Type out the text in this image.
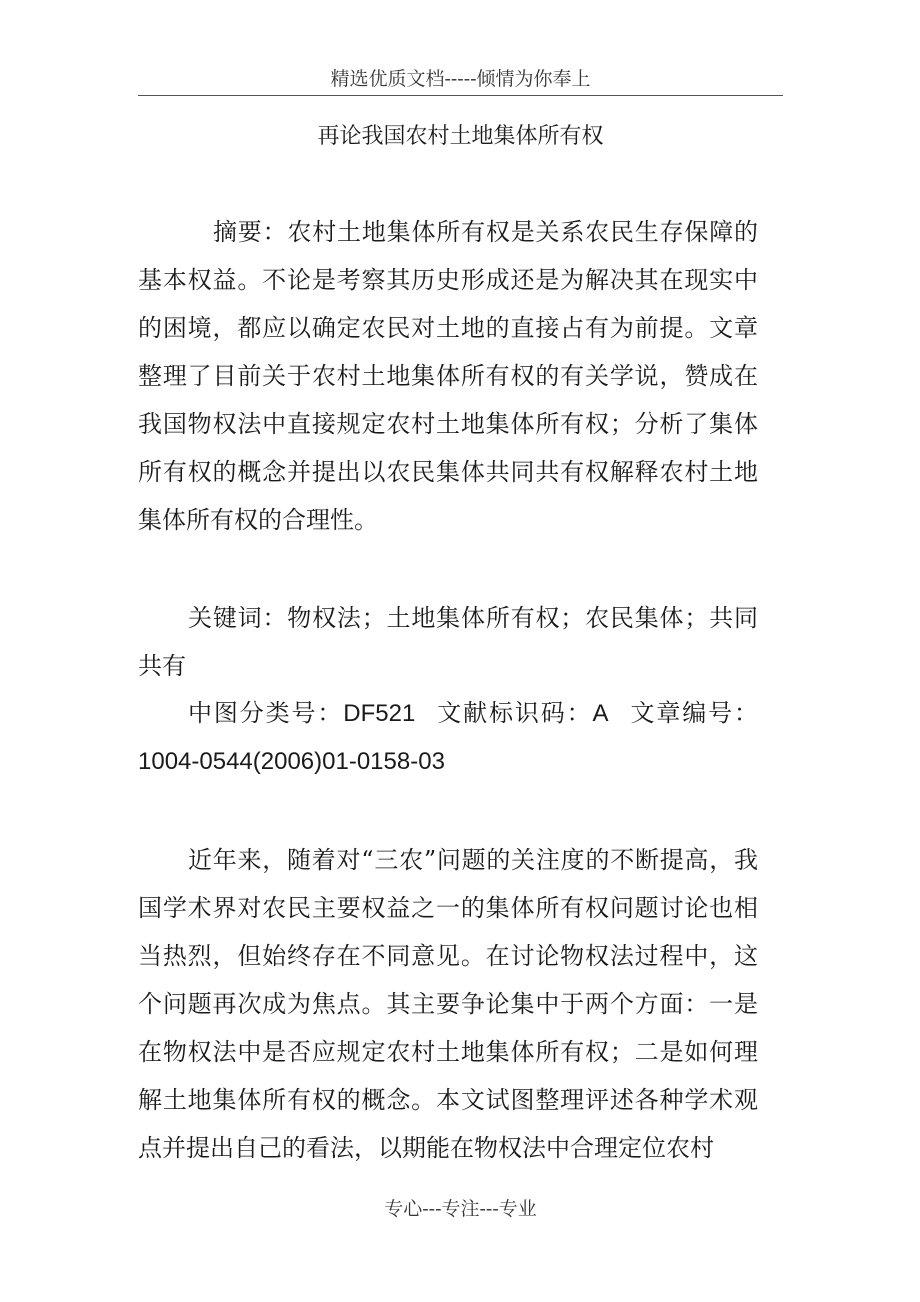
精选优质文档-----倾情为你奉上
再论我国农村土地集体所有权

摘要：农村土地集体所有权是关系农民生存保障的基本权益。不论是考察其历史形成还是为解决其在现实中的困境，都应以确定农民对土地的直接占有为前提。文章整理了目前关于农村土地集体所有权的有关学说，赞成在我国物权法中直接规定农村土地集体所有权；分析了集体所有权的概念并提出以农民集体共同共有权解释农村土地集体所有权的合理性。

关键词：物权法；土地集体所有权；农民集体；共同共有

中图分类号：DF521 文献标识码：A 文章编号：1004-0544(2006)01-0158-03

近年来，随着对“三农”问题的关注度的不断提高，我国学术界对农民主要权益之一的集体所有权问题讨论也相当热烈，但始终存在不同意见。在讨论物权法过程中，这个问题再次成为焦点。其主要争论集中于两个方面：一是在物权法中是否应规定农村土地集体所有权；二是如何理解土地集体所有权的概念。本文试图整理评述各种学术观点并提出自己的看法，以期能在物权法中合理定位农村

专心---专注---专业
